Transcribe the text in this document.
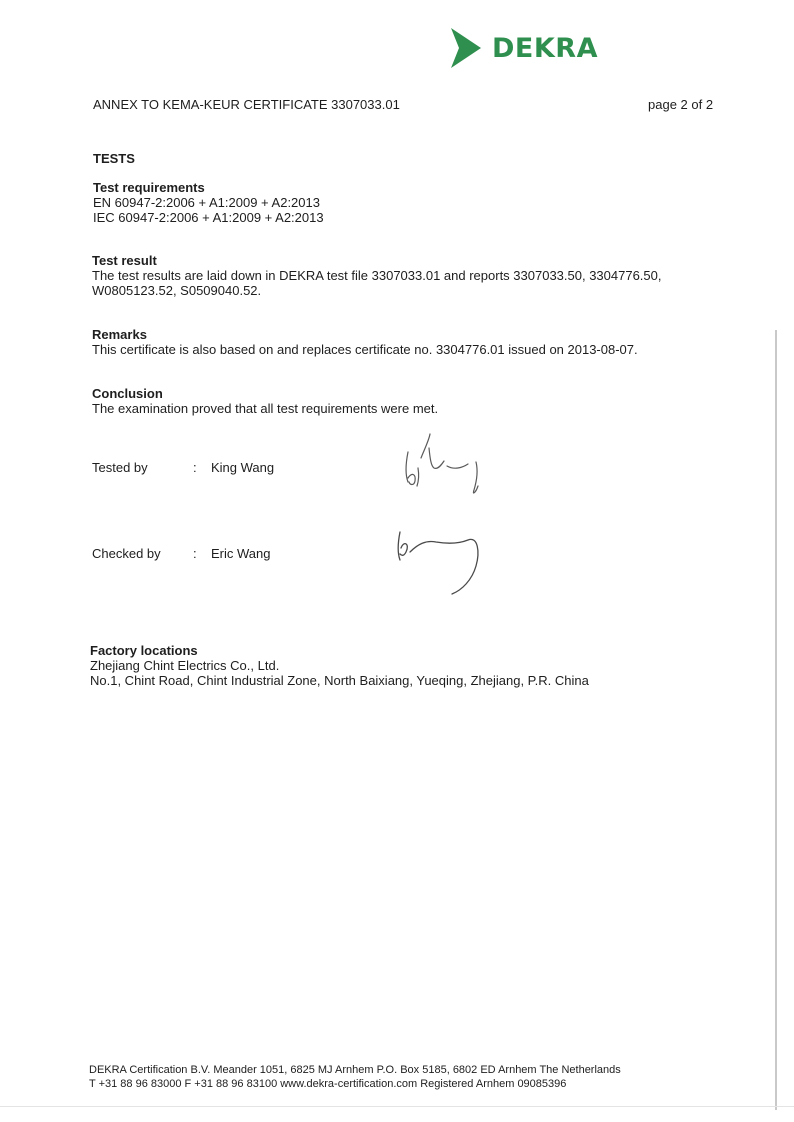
DEKRA
ANNEX TO KEMA-KEUR CERTIFICATE 3307033.01	page 2 of 2
TESTS
Test requirements
EN 60947-2:2006 + A1:2009 + A2:2013
IEC 60947-2:2006 + A1:2009 + A2:2013
Test result
The test results are laid down in DEKRA test file 3307033.01 and reports 3307033.50, 3304776.50,
W0805123.52, S0509040.52.
Remarks
This certificate is also based on and replaces certificate no. 3304776.01 issued on 2013-08-07.
Conclusion
The examination proved that all test requirements were met.
Tested by	: King Wang
Checked by : Eric Wang
Factory locations
Zhejiang Chint Electrics Co., Ltd.
No.1, Chint Road, Chint Industrial Zone, North Baixiang, Yueqing, Zhejiang, P.R. China
DEKRA Certification B.V. Meander 1051, 6825 MJ Arnhem P.O. Box 5185, 6802 ED Arnhem The Netherlands
T +31 88 96 83000 F +31 88 96 83100 www.dekra-certification.com Registered Arnhem 09085396
